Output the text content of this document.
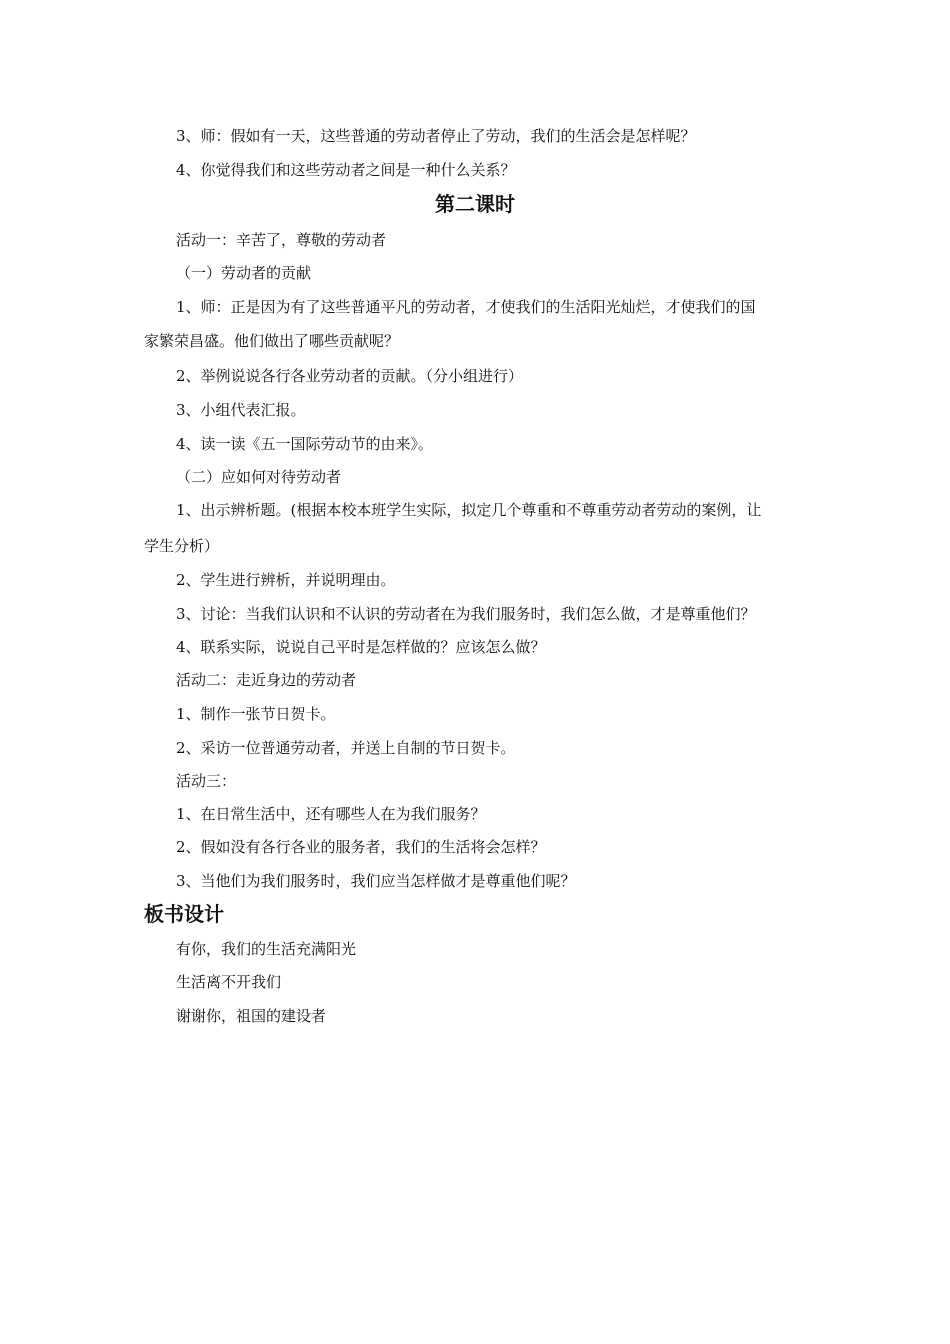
3、师：假如有一天，这些普通的劳动者停止了劳动，我们的生活会是怎样呢？
4、你觉得我们和这些劳动者之间是一种什么关系？
第二课时
活动一：辛苦了，尊敬的劳动者
（一）劳动者的贡献
1、师：正是因为有了这些普通平凡的劳动者，才使我们的生活阳光灿烂，才使我们的国
家繁荣昌盛。他们做出了哪些贡献呢？
2、举例说说各行各业劳动者的贡献。（分小组进行）
3、小组代表汇报。
4、读一读《五一国际劳动节的由来》。
（二）应如何对待劳动者
1、出示辨析题。(根据本校本班学生实际，拟定几个尊重和不尊重劳动者劳动的案例，让
学生分析）
2、学生进行辨析，并说明理由。
3、讨论：当我们认识和不认识的劳动者在为我们服务时，我们怎么做，才是尊重他们？
4、联系实际，说说自己平时是怎样做的？应该怎么做？
活动二：走近身边的劳动者
1、制作一张节日贺卡。
2、采访一位普通劳动者，并送上自制的节日贺卡。
活动三：
1、在日常生活中，还有哪些人在为我们服务？
2、假如没有各行各业的服务者，我们的生活将会怎样？
3、当他们为我们服务时，我们应当怎样做才是尊重他们呢？
板书设计
有你，我们的生活充满阳光
生活离不开我们
谢谢你，祖国的建设者
